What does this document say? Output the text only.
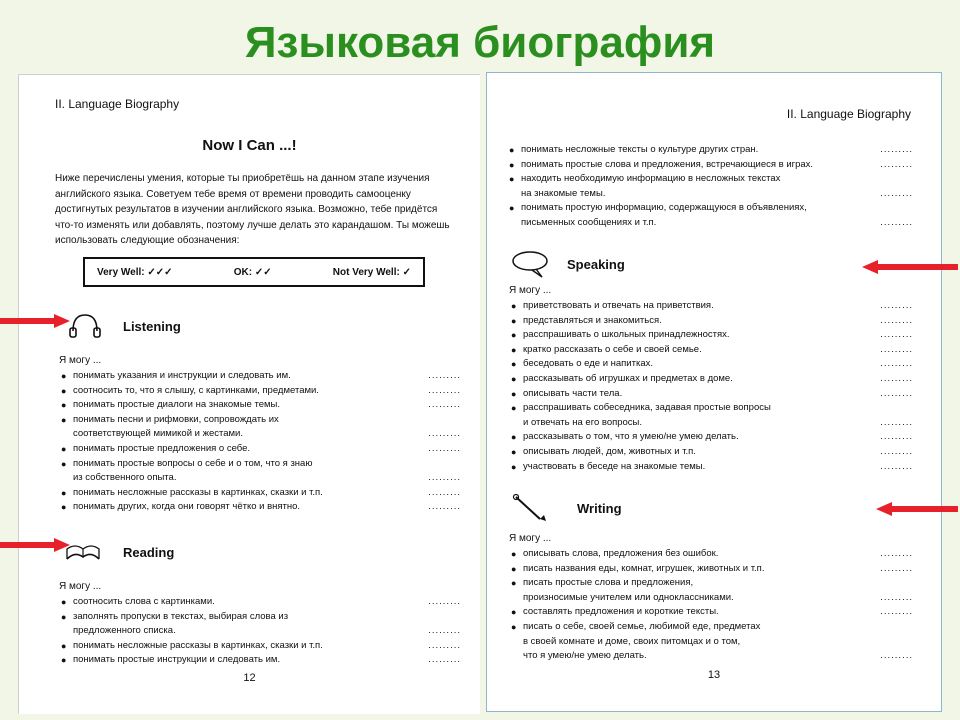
Языковая биография
II. Language Biography
Now I Can ...!
Ниже перечислены умения, которые ты приобретёшь на данном этапе изучения английского языка. Советуем тебе время от времени проводить самооценку достигнутых результатов в изучении английского языка. Возможно, тебе придётся что-то изменять или добавлять, поэтому лучше делать это карандашом. Ты можешь использовать следующие обозначения:
Very Well: ✓✓✓	OK: ✓✓	Not Very Well: ✓
Listening
Я могу ...
● понимать указания и инструкции и следовать им.	.........
● соотносить то, что я слышу, с картинками, предметами.	.........
● понимать простые диалоги на знакомые темы.	.........
● понимать песни и рифмовки, сопровождать их
соответствующей мимикой и жестами.	.........
● понимать простые предложения о себе.	.........
● понимать простые вопросы о себе и о том, что я знаю
из собственного опыта.	.........
● понимать несложные рассказы в картинках, сказки и т.п.	.........
● понимать других, когда они говорят чётко и внятно.	.........
Reading
Я могу ...
● соотносить слова с картинками.	.........
● заполнять пропуски в текстах, выбирая слова из
предложенного списка.	.........
● понимать несложные рассказы в картинках, сказки и т.п.	.........
● понимать простые инструкции и следовать им.	.........
12
II. Language Biography
● понимать несложные тексты о культуре других стран.	.........
● понимать простые слова и предложения, встречающиеся в играх.	.........
● находить необходимую информацию в несложных текстах
на знакомые темы.	.........
● понимать простую информацию, содержащуюся в объявлениях,
письменных сообщениях и т.п.	.........
Speaking
Я могу ...
● приветствовать и отвечать на приветствия.	.........
● представляться и знакомиться.	.........
● расспрашивать о школьных принадлежностях.	.........
● кратко рассказать о себе и своей семье.	.........
● беседовать о еде и напитках.	.........
● рассказывать об игрушках и предметах в доме.	.........
● описывать части тела.	.........
● расспрашивать собеседника, задавая простые вопросы
и отвечать на его вопросы.	.........
● рассказывать о том, что я умею/не умею делать.	.........
● описывать людей, дом, животных и т.п.	.........
● участвовать в беседе на знакомые темы.	.........
Writing
Я могу ...
● описывать слова, предложения без ошибок.	.........
● писать названия еды, комнат, игрушек, животных и т.п.	.........
● писать простые слова и предложения,
произносимые учителем или одноклассниками.	.........
● составлять предложения и короткие тексты.	.........
● писать о себе, своей семье, любимой еде, предметах
в своей комнате и доме, своих питомцах и о том,
что я умею/не умею делать.	.........
13
